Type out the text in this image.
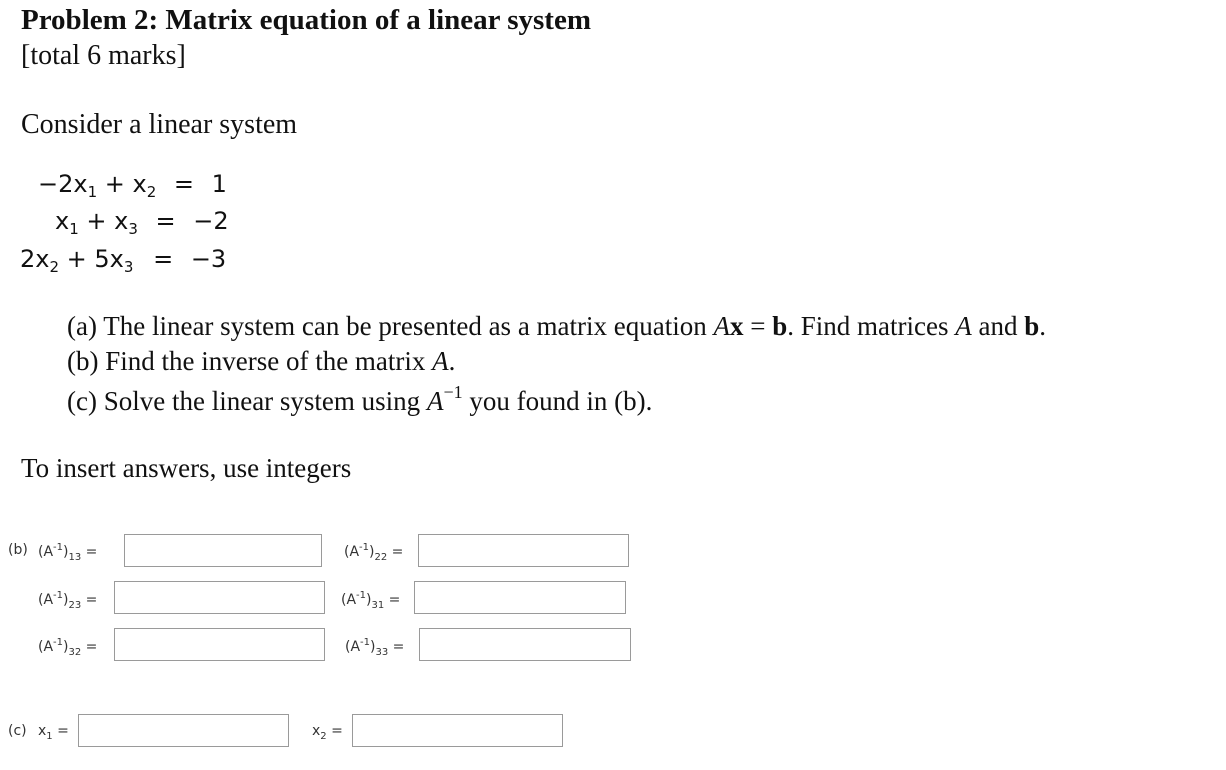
Problem 2: Matrix equation of a linear system
[total 6 marks]
Consider a linear system
$-2x_1 + x_2 = 1$
$x_1 + x_3 = -2$
$2x_2 + 5x_3 = -3$
(a) The linear system can be presented as a matrix equation Ax = b. Find matrices A and b.
(b) Find the inverse of the matrix A.
(c) Solve the linear system using $A^{-1}$ you found in (b).
To insert answers, use integers
(b) $(A^{-1})_{13}$ =	$(A^{-1})_{22}$ =
$(A^{-1})_{23}$ =	$(A^{-1})_{31}$ =
$(A^{-1})_{32}$ =	$(A^{-1})_{33}$ =
(c) $x_1$ =	$x_2$ =
